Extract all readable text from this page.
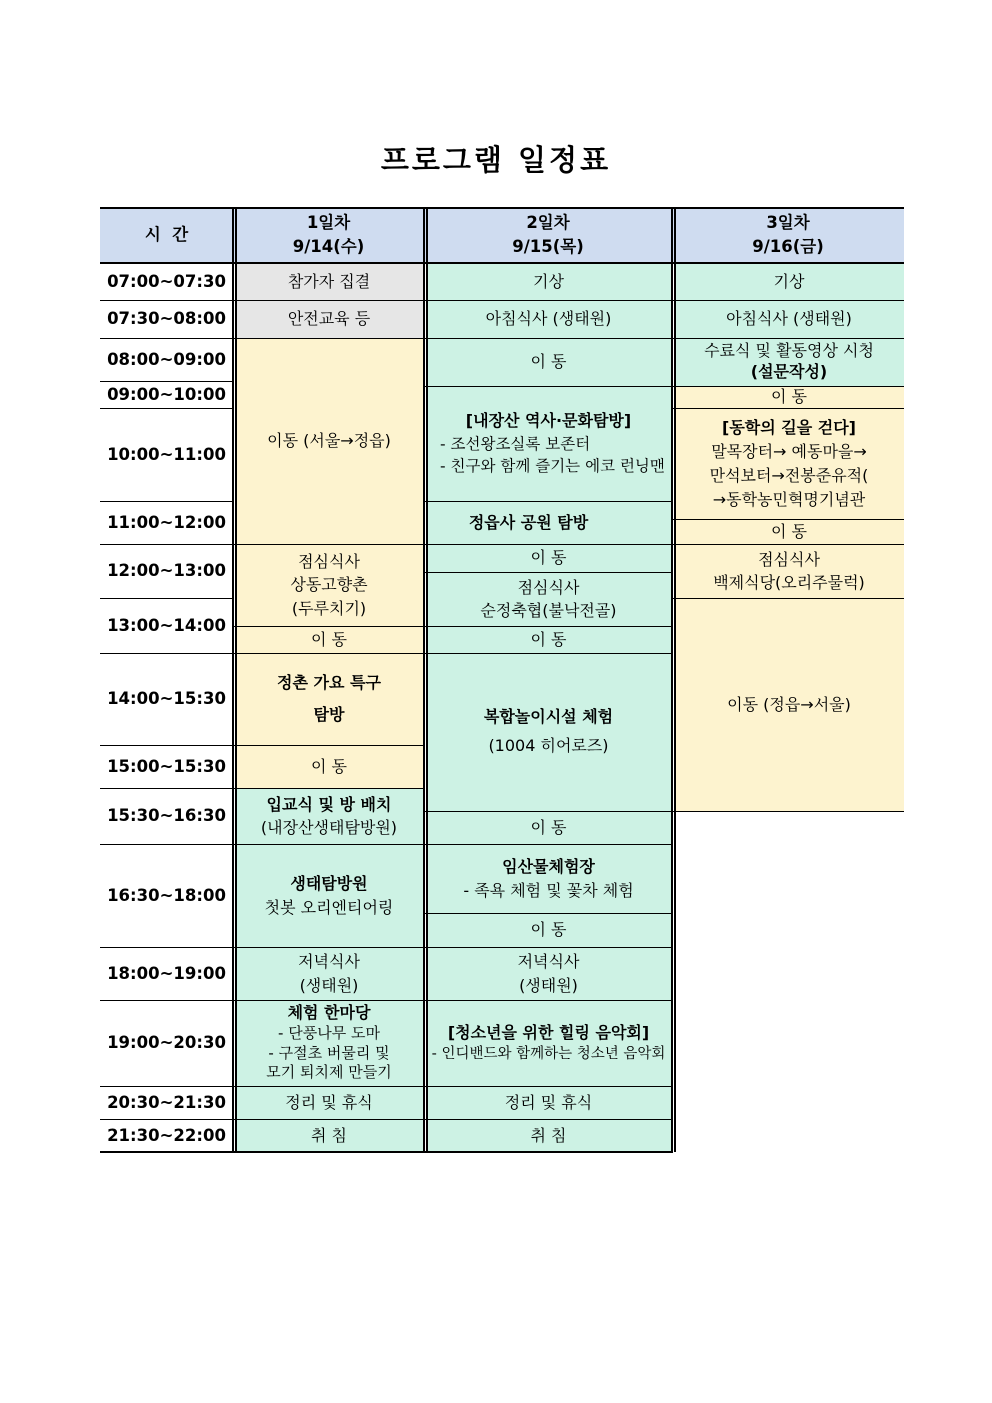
프로그램 일정표
시  간
1일차
9/14(수)
2일차
9/15(목)
3일차
9/16(금)
07:00~07:30
07:30~08:00
08:00~09:00
09:00~10:00
10:00~11:00
11:00~12:00
12:00~13:00
13:00~14:00
14:00~15:30
15:00~15:30
15:30~16:30
16:30~18:00
18:00~19:00
19:00~20:30
20:30~21:30
21:30~22:00
참가자 집결
안전교육 등
이동 (서울→정읍)
점심식사
상동고향촌
(두루치기)
이 동
정촌 가요 특구
탐방
이 동
입교식 및 방 배치
(내장산생태탐방원)
생태탐방원
첫봇 오리엔티어링
저녁식사
(생태원)
체험 한마당
- 단풍나무 도마
- 구절초 버물리 및
모기 퇴치제 만들기
정리 및 휴식
취 침
기상
아침식사 (생태원)
이 동
[내장산 역사·문화탐방]
- 조선왕조실록 보존터
- 친구와 함께 즐기는 에코 런닝맨
정읍사 공원 탐방
이 동
점심식사
순정축협(불낙전골)
이 동
복합놀이시설 체험
(1004 히어로즈)
이 동
임산물체험장
- 족욕 체험 및 꽃차 체험
이 동
저녁식사
(생태원)
[청소년을 위한 힐링 음악회]
- 인디밴드와 함께하는 청소년 음악회
정리 및 휴식
취 침
기상
아침식사 (생태원)
수료식 및 활동영상 시청
(설문작성)
이 동
[동학의 길을 걷다]
말목장터→ 예동마을→
만석보터→전봉준유적(
→동학농민혁명기념관
이 동
점심식사
백제식당(오리주물럭)
이동 (정읍→서울)
